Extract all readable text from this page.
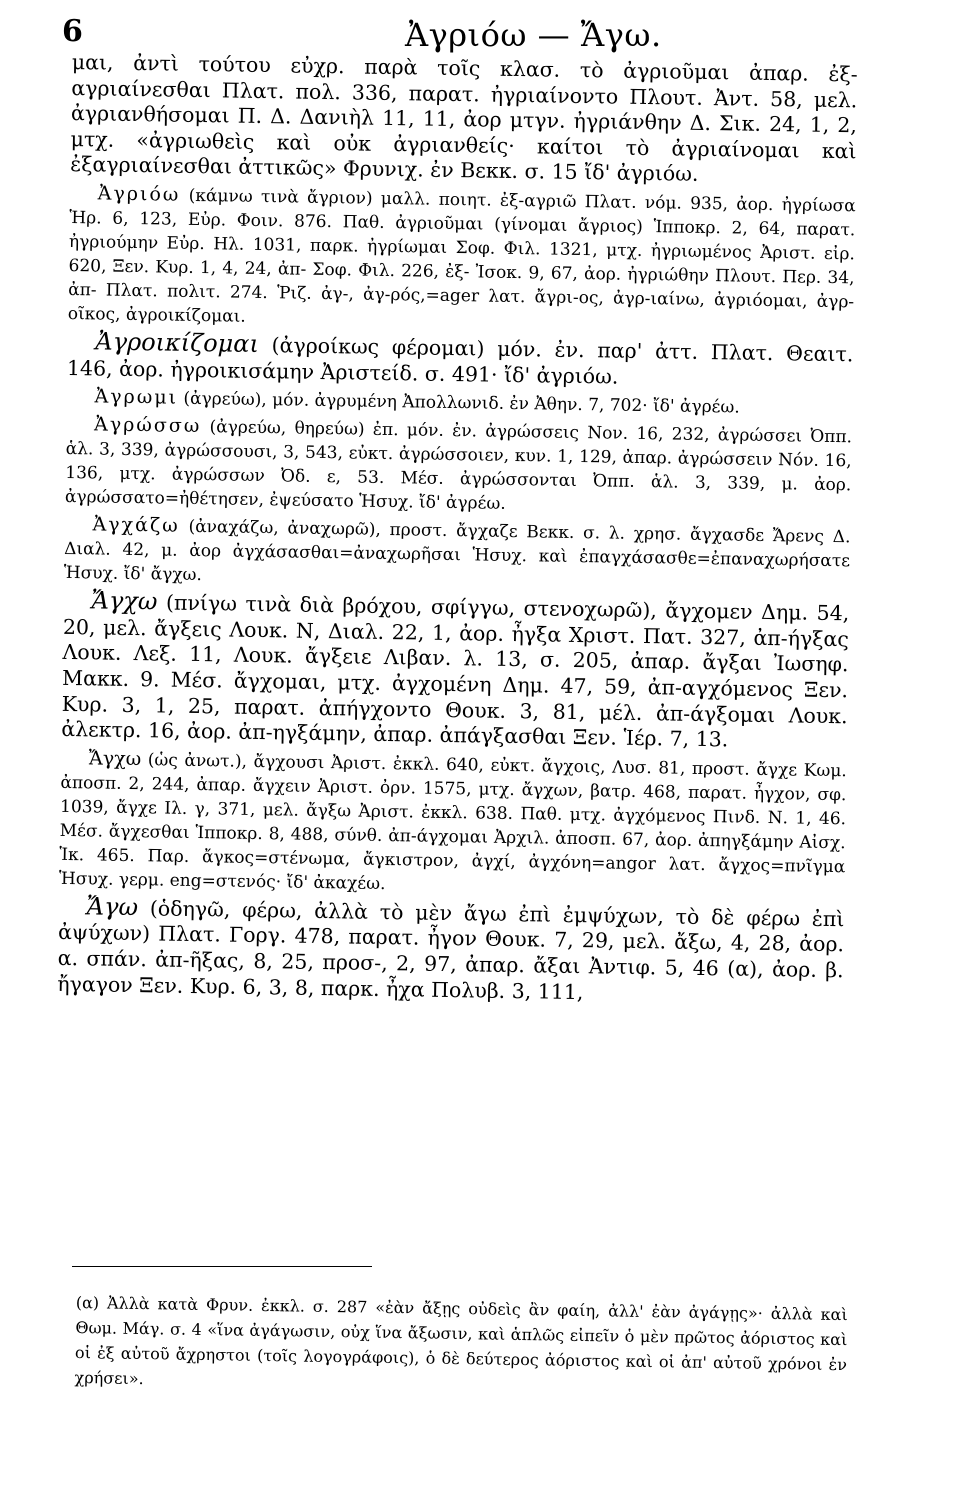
6	Ἀγριόω — Ἄγω.

μαι, ἀντὶ τούτου εὐχρ. παρὰ τοῖς κλασ. τὸ ἀγριοῦμαι ἀπαρ. ἐξ-αγριαίνεσθαι Πλατ. πολ. 336, παρατ. ἠγριαίνοντο Πλουτ. Ἀντ. 58, μελ. ἀγριανθήσομαι Π. Δ. Δανιὴλ 11, 11, ἀορ μτγν. ἠγριάνθην Δ. Σικ. 24, 1, 2, μτχ. «ἀγριωθεὶς καὶ οὐκ ἀγριανθείς· καίτοι τὸ ἀγριαίνομαι καὶ ἐξαγριαίνεσθαι ἀττικῶς» Φρυνιχ. ἐν Βεκκ. σ. 15 ἴδ' ἀγριόω.

Ἀγριόω (κάμνω τινὰ ἄγριον) μαλλ. ποιητ. ἐξ-αγριῶ Πλατ. νόμ. 935, ἀορ. ἠγρίωσα Ἡρ. 6, 123, Εὐρ. Φοιν. 876. Παθ. ἀγριοῦμαι (γίνομαι ἄγριος) Ἱπποκρ. 2, 64, παρατ. ἠγριούμην Εὐρ. Ηλ. 1031, παρκ. ἠγρίωμαι Σοφ. Φιλ. 1321, μτχ. ἠγριωμένος Ἀριστ. εἰρ. 620, Ξεν. Κυρ. 1, 4, 24, ἀπ- Σοφ. Φιλ. 226, ἐξ- Ἰσοκ. 9, 67, ἀορ. ἠγριώθην Πλουτ. Περ. 34, ἀπ- Πλατ. πολιτ. 274. Ῥιζ. ἀγ-, ἀγ-ρός,=ager λατ. ἄγρι-ος, ἀγρ-ιαίνω, ἀγριόομαι, ἀγρ-οῖκος, ἀγροικίζομαι.

Ἀγροικίζομαι (ἀγροίκως φέρομαι) μόν. ἐν. παρ' ἀττ. Πλατ. Θεαιτ. 146, ἀορ. ἠγροικισάμην Ἀριστείδ. σ. 491· ἴδ' ἀγριόω.

Ἀγρωμι (ἀγρεύω), μόν. ἀγρυμένη Ἀπολλωνιδ. ἐν Ἀθην. 7, 702· ἴδ' ἀγρέω.

Ἀγρώσσω (ἀγρεύω, θηρεύω) ἐπ. μόν. ἐν. ἀγρώσσεις Νον. 16, 232, ἀγρώσσει Ὀππ. ἁλ. 3, 339, ἀγρώσσουσι, 3, 543, εὐκτ. ἀγρώσσοιεν, κυν. 1, 129, ἀπαρ. ἀγρώσσειν Νόν. 16, 136, μτχ. ἀγρώσσων Ὀδ. ε, 53. Μέσ. ἀγρώσσονται Ὀππ. ἁλ. 3, 339, μ. ἀορ. ἀγρώσσατο=ἠθέτησεν, ἐψεύσατο Ἡσυχ. ἴδ' ἀγρέω.

Ἀγχάζω (ἀναχάζω, ἀναχωρῶ), προστ. ἄγχαζε Βεκκ. σ. λ. χρησ. ἄγχασδε Ἄρενς Δ. Διαλ. 42, μ. ἀορ ἀγχάσασθαι=ἀναχωρῆσαι Ἡσυχ. καὶ ἐπαγχάσασθε=ἐπαναχωρήσατε Ἡσυχ. ἴδ' ἄγχω.

Ἄγχω (πνίγω τινὰ διὰ βρόχου, σφίγγω, στενοχωρῶ), ἄγχομεν Δημ. 54, 20, μελ. ἄγξεις Λουκ. Ν, Διαλ. 22, 1, ἀορ. ἦγξα Χριστ. Πατ. 327, ἀπ-ήγξας Λουκ. Λεξ. 11, Λουκ. ἄγξειε Λιβαν. λ. 13, σ. 205, ἀπαρ. ἄγξαι Ἰωσηφ. Μακκ. 9. Μέσ. ἄγχομαι, μτχ. ἀγχομένη Δημ. 47, 59, ἀπ-αγχόμενος Ξεν. Κυρ. 3, 1, 25, παρατ. ἀπήγχοντο Θουκ. 3, 81, μέλ. ἀπ-άγξομαι Λουκ. ἀλεκτρ. 16, ἀορ. ἀπ-ηγξάμην, ἀπαρ. ἀπάγξασθαι Ξεν. Ἱέρ. 7, 13.

Ἄγχω (ὡς ἀνωτ.), ἄγχουσι Ἀριστ. ἐκκλ. 640, εὐκτ. ἄγχοις, Λυσ. 81, προστ. ἄγχε Κωμ. ἀποσπ. 2, 244, ἀπαρ. ἄγχειν Ἀριστ. ὀρν. 1575, μτχ. ἄγχων, βατρ. 468, παρατ. ἦγχον, σφ. 1039, ἄγχε Ιλ. γ, 371, μελ. ἄγξω Ἀριστ. ἐκκλ. 638. Παθ. μτχ. ἀγχόμενος Πινδ. Ν. 1, 46. Μέσ. ἄγχεσθαι Ἱπποκρ. 8, 488, σύνθ. ἀπ-άγχομαι Ἀρχιλ. ἀποσπ. 67, ἀορ. ἀπηγξάμην Αἰσχ. Ἱκ. 465. Παρ. ἄγκος=στένωμα, ἄγκιστρον, ἀγχί, ἀγχόνη=angor λατ. ἄγχος=πνῖγμα Ἡσυχ. γερμ. eng=στενός· ἴδ' ἀκαχέω.

Ἄγω (ὁδηγῶ, φέρω, ἀλλὰ τὸ μὲν ἄγω ἐπὶ ἐμψύχων, τὸ δὲ φέρω ἐπὶ ἀψύχων) Πλατ. Γοργ. 478, παρατ. ἦγον Θουκ. 7, 29, μελ. ἄξω, 4, 28, ἀορ. α. σπάν. ἀπ-ῆξας, 8, 25, προσ-, 2, 97, ἀπαρ. ἄξαι Ἀντιφ. 5, 46 (α), ἀορ. β. ἤγαγον Ξεν. Κυρ. 6, 3, 8, παρκ. ἦχα Πολυβ. 3, 111,

(α) Ἀλλὰ κατὰ Φρυν. ἐκκλ. σ. 287 «ἐὰν ἄξῃς οὐδεὶς ἂν φαίη, ἀλλ' ἐὰν ἀγάγῃς»· ἀλλὰ καὶ Θωμ. Μάγ. σ. 4 «ἵνα ἀγάγωσιν, οὐχ ἵνα ἄξωσιν, καὶ ἁπλῶς εἰπεῖν ὁ μὲν πρῶτος ἀόριστος καὶ οἱ ἐξ αὐτοῦ ἄχρηστοι (τοῖς λογογράφοις), ὁ δὲ δεύτερος ἀόριστος καὶ οἱ ἀπ' αὐτοῦ χρόνοι ἐν χρήσει».
